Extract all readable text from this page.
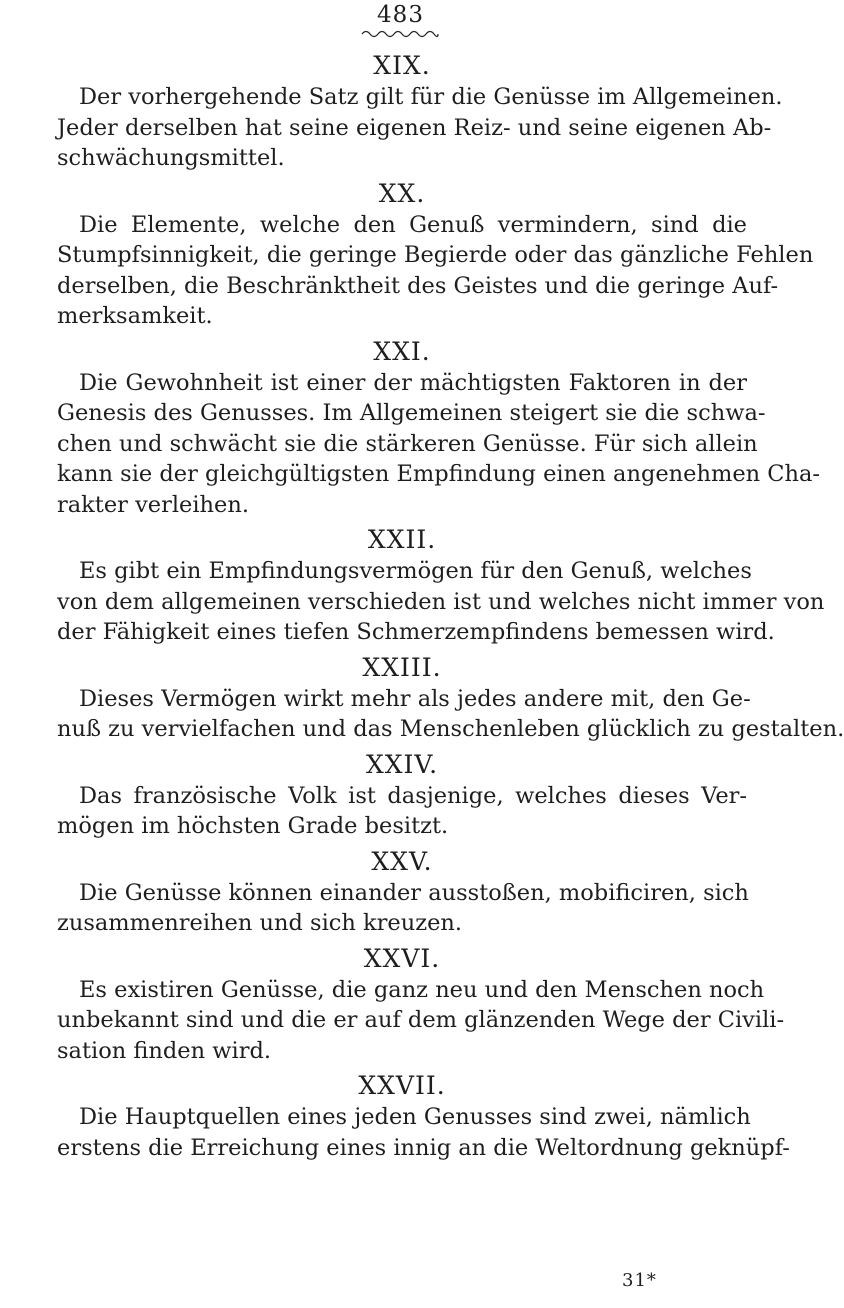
483
XIX.
Der vorhergehende Satz gilt für die Genüsse im Allgemeinen.
Jeder derselben hat seine eigenen Reiz- und seine eigenen Ab-
schwächungsmittel.
XX.
Die Elemente, welche den Genuß vermindern, sind die
Stumpfsinnigkeit, die geringe Begierde oder das gänzliche Fehlen
derselben, die Beschränktheit des Geistes und die geringe Auf-
merksamkeit.
XXI.
Die Gewohnheit ist einer der mächtigsten Faktoren in der
Genesis des Genusses. Im Allgemeinen steigert sie die schwa-
chen und schwächt sie die stärkeren Genüsse. Für sich allein
kann sie der gleichgültigsten Empfindung einen angenehmen Cha-
rakter verleihen.
XXII.
Es gibt ein Empfindungsvermögen für den Genuß, welches
von dem allgemeinen verschieden ist und welches nicht immer von
der Fähigkeit eines tiefen Schmerzempfindens bemessen wird.
XXIII.
Dieses Vermögen wirkt mehr als jedes andere mit, den Ge-
nuß zu vervielfachen und das Menschenleben glücklich zu gestalten.
XXIV.
Das französische Volk ist dasjenige, welches dieses Ver-
mögen im höchsten Grade besitzt.
XXV.
Die Genüsse können einander ausstoßen, mobificiren, sich
zusammenreihen und sich kreuzen.
XXVI.
Es existiren Genüsse, die ganz neu und den Menschen noch
unbekannt sind und die er auf dem glänzenden Wege der Civili-
sation finden wird.
XXVII.
Die Hauptquellen eines jeden Genusses sind zwei, nämlich
erstens die Erreichung eines innig an die Weltordnung geknüpf-
31*
